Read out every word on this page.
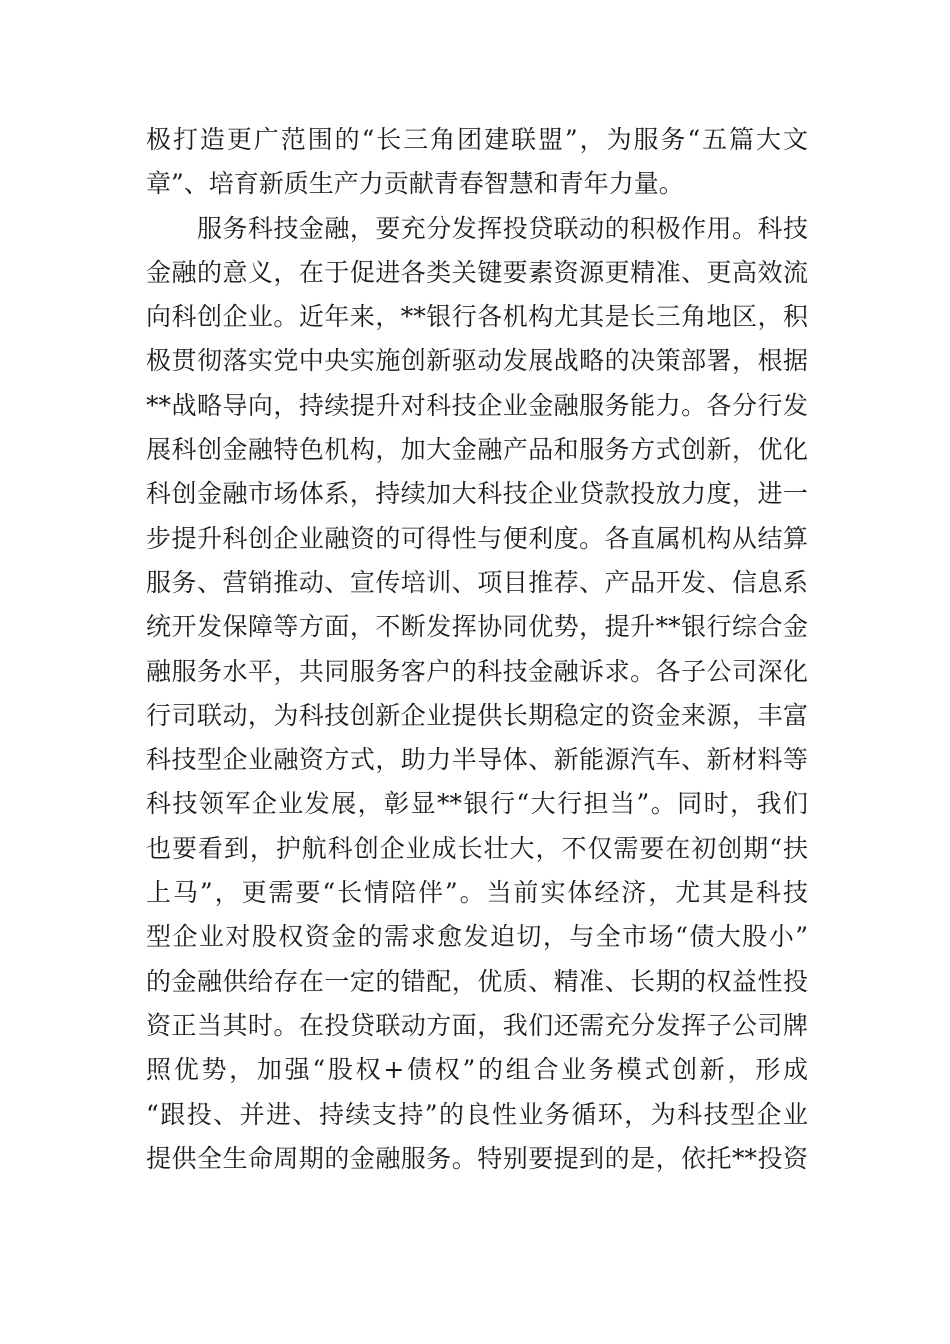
极打造更广范围的“长三角团建联盟”，为服务“五篇大文
章”、培育新质生产力贡献青春智慧和青年力量。
　　服务科技金融，要充分发挥投贷联动的积极作用。科技
金融的意义，在于促进各类关键要素资源更精准、更高效流
向科创企业。近年来，**银行各机构尤其是长三角地区，积
极贯彻落实党中央实施创新驱动发展战略的决策部署，根据
**战略导向，持续提升对科技企业金融服务能力。各分行发
展科创金融特色机构，加大金融产品和服务方式创新，优化
科创金融市场体系，持续加大科技企业贷款投放力度，进一
步提升科创企业融资的可得性与便利度。各直属机构从结算
服务、营销推动、宣传培训、项目推荐、产品开发、信息系
统开发保障等方面，不断发挥协同优势，提升**银行综合金
融服务水平，共同服务客户的科技金融诉求。各子公司深化
行司联动，为科技创新企业提供长期稳定的资金来源，丰富
科技型企业融资方式，助力半导体、新能源汽车、新材料等
科技领军企业发展，彰显**银行“大行担当”。同时，我们
也要看到，护航科创企业成长壮大，不仅需要在初创期“扶
上马”，更需要“长情陪伴”。当前实体经济，尤其是科技
型企业对股权资金的需求愈发迫切，与全市场“债大股小”
的金融供给存在一定的错配，优质、精准、长期的权益性投
资正当其时。在投贷联动方面，我们还需充分发挥子公司牌
照优势，加强“股权+债权”的组合业务模式创新，形成
“跟投、并进、持续支持”的良性业务循环，为科技型企业
提供全生命周期的金融服务。特别要提到的是，依托**投资
